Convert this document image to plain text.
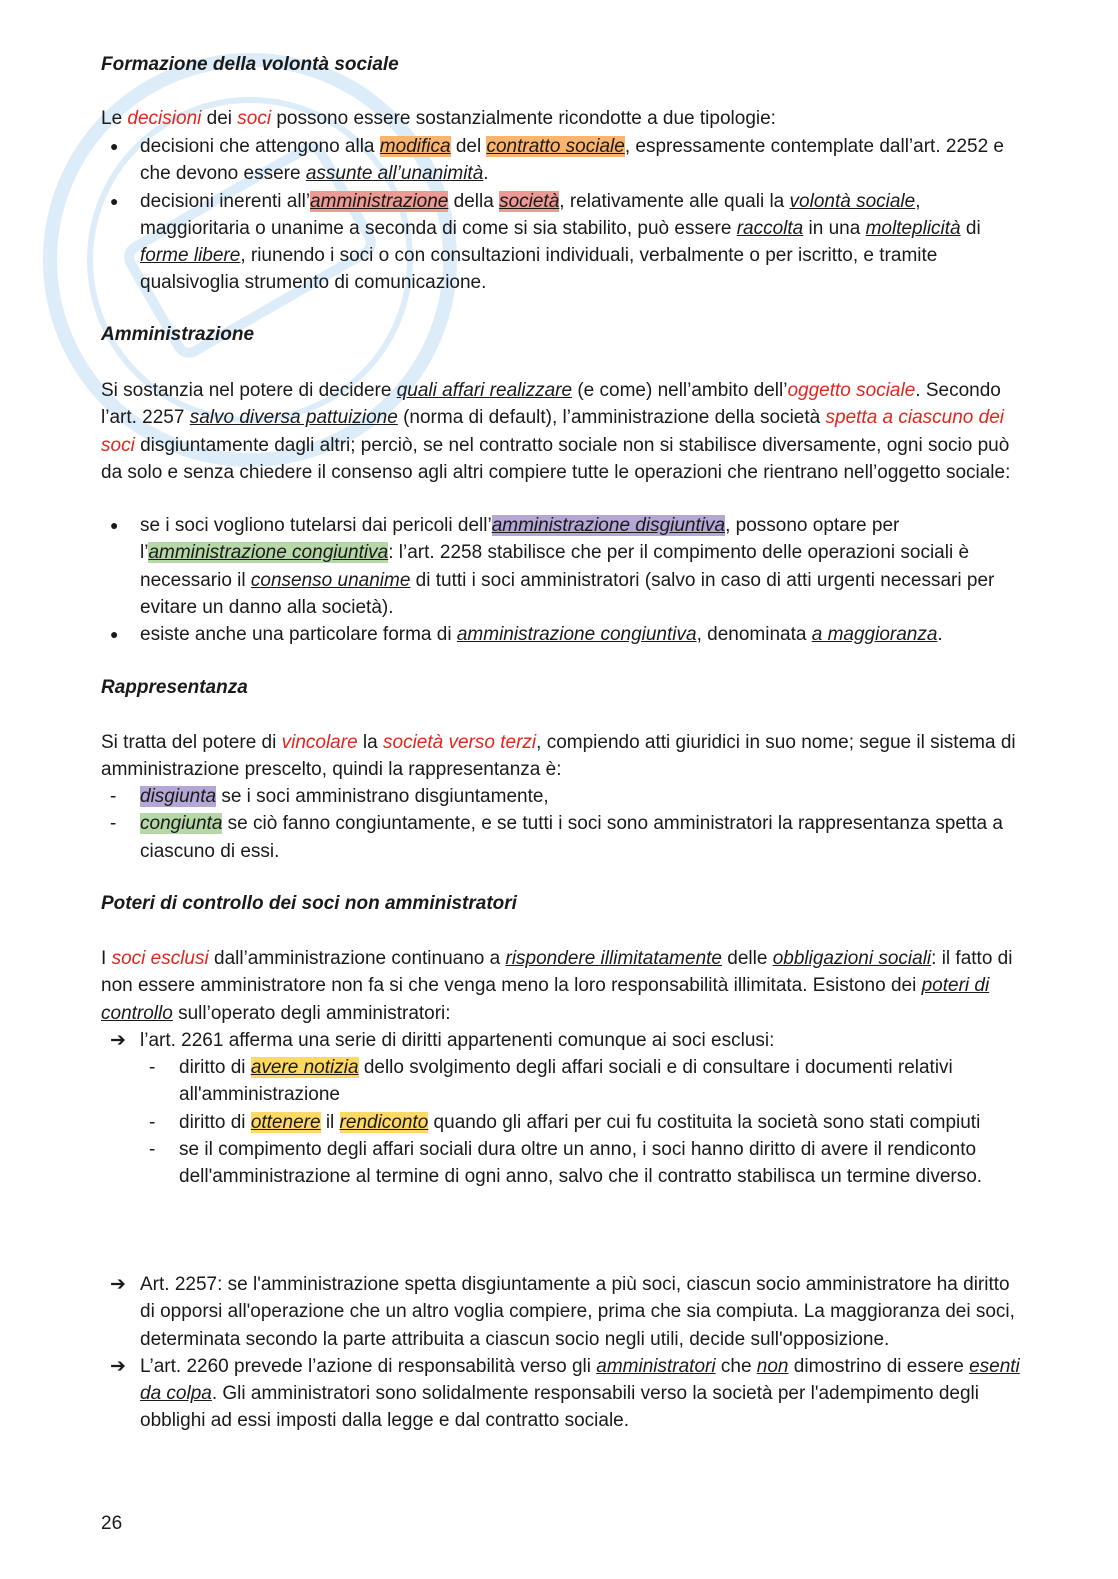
Formazione della volontà sociale

Le decisioni dei soci possono essere sostanzialmente ricondotte a due tipologie:

●	decisioni che attengono alla modifica del contratto sociale, espressamente contemplate dall’art. 2252 e che devono essere assunte all’unanimità.
●	decisioni inerenti all’amministrazione della società, relativamente alle quali la volontà sociale, maggioritaria o unanime a seconda di come si sia stabilito, può essere raccolta in una molteplicità di forme libere, riunendo i soci o con consultazioni individuali, verbalmente o per iscritto, e tramite qualsivoglia strumento di comunicazione.
Amministrazione

Si sostanzia nel potere di decidere quali affari realizzare (e come) nell’ambito dell’oggetto sociale. Secondo l’art. 2257 salvo diversa pattuizione (norma di default), l’amministrazione della società spetta a ciascuno dei soci disgiuntamente dagli altri; perciò, se nel contratto sociale non si stabilisce diversamente, ogni socio può da solo e senza chiedere il consenso agli altri compiere tutte le operazioni che rientrano nell’oggetto sociale:

●	se i soci vogliono tutelarsi dai pericoli dell’amministrazione disgiuntiva, possono optare per l’amministrazione congiuntiva: l’art. 2258 stabilisce che per il compimento delle operazioni sociali è necessario il consenso unanime di tutti i soci amministratori (salvo in caso di atti urgenti necessari per evitare un danno alla società).
●	esiste anche una particolare forma di amministrazione congiuntiva, denominata a maggioranza.
Rappresentanza

Si tratta del potere di vincolare la società verso terzi, compiendo atti giuridici in suo nome; segue il sistema di amministrazione prescelto, quindi la rappresentanza è:

-	disgiunta se i soci amministrano disgiuntamente,
-	congiunta se ciò fanno congiuntamente, e se tutti i soci sono amministratori la rappresentanza spetta a ciascuno di essi.
Poteri di controllo dei soci non amministratori

I soci esclusi dall’amministrazione continuano a rispondere illimitatamente delle obbligazioni sociali: il fatto di non essere amministratore non fa si che venga meno la loro responsabilità illimitata. Esistono dei poteri di controllo sull’operato degli amministratori:

➔ l’art. 2261 afferma una serie di diritti appartenenti comunque ai soci esclusi:
-	diritto di avere notizia dello svolgimento degli affari sociali e di consultare i documenti relativi all'amministrazione
-	diritto di ottenere il rendiconto quando gli affari per cui fu costituita la società sono stati compiuti
-	se il compimento degli affari sociali dura oltre un anno, i soci hanno diritto di avere il rendiconto dell'amministrazione al termine di ogni anno, salvo che il contratto stabilisca un termine diverso.
➔ Art. 2257: se l'amministrazione spetta disgiuntamente a più soci, ciascun socio amministratore ha diritto di opporsi all'operazione che un altro voglia compiere, prima che sia compiuta. La maggioranza dei soci, determinata secondo la parte attribuita a ciascun socio negli utili, decide sull'opposizione.
➔ L’art. 2260 prevede l’azione di responsabilità verso gli amministratori che non dimostrino di essere esenti da colpa. Gli amministratori sono solidalmente responsabili verso la società per l'adempimento degli obblighi ad essi imposti dalla legge e dal contratto sociale.

26
